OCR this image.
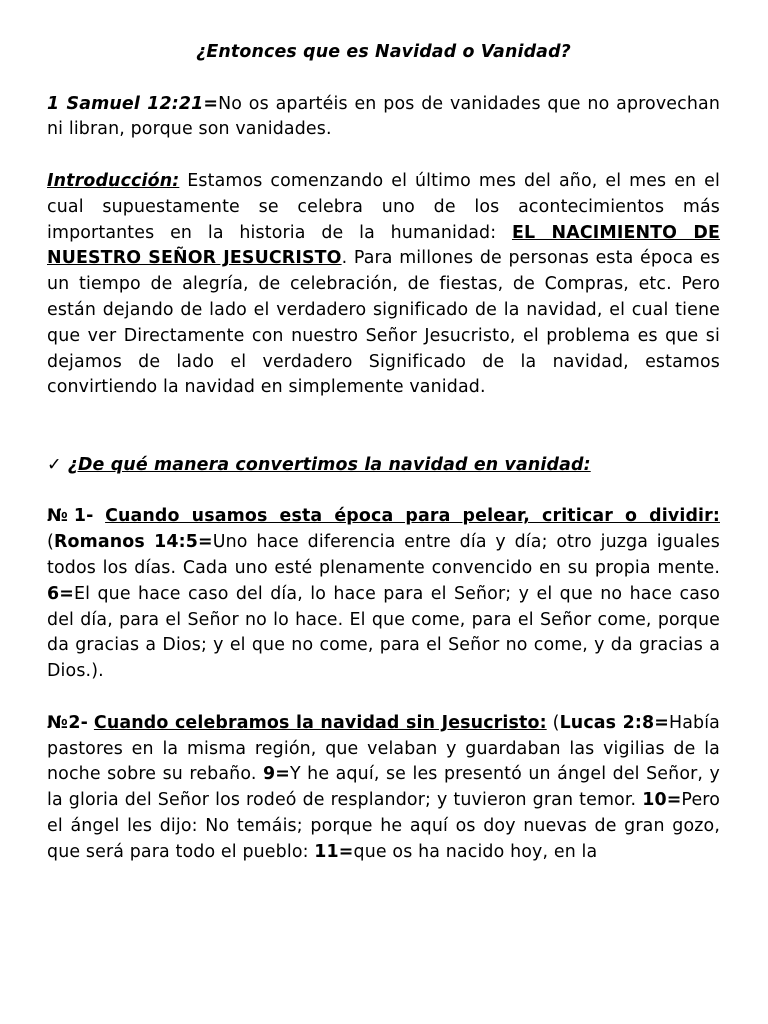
¿Entonces que es Navidad o Vanidad?

1 Samuel 12:21=No os apartéis en pos de vanidades que no aprovechan ni libran, porque son vanidades.

Introducción: Estamos comenzando el último mes del año, el mes en el cual supuestamente se celebra uno de los acontecimientos más importantes en la historia de la humanidad: EL NACIMIENTO DE NUESTRO SEÑOR JESUCRISTO. Para millones de personas esta época es un tiempo de alegría, de celebración, de fiestas, de Compras, etc. Pero están dejando de lado el verdadero significado de la navidad, el cual tiene que ver Directamente con nuestro Señor Jesucristo, el problema es que si dejamos de lado el verdadero Significado de la navidad, estamos convirtiendo la navidad en simplemente vanidad.

✓ ¿De qué manera convertimos la navidad en vanidad:

№1- Cuando usamos esta época para pelear, criticar o dividir: (Romanos 14:5=Uno hace diferencia entre día y día; otro juzga iguales todos los días. Cada uno esté plenamente convencido en su propia mente. 6=El que hace caso del día, lo hace para el Señor; y el que no hace caso del día, para el Señor no lo hace. El que come, para el Señor come, porque da gracias a Dios; y el que no come, para el Señor no come, y da gracias a Dios.).

№2- Cuando celebramos la navidad sin Jesucristo: (Lucas 2:8=Había pastores en la misma región, que velaban y guardaban las vigilias de la noche sobre su rebaño. 9=Y he aquí, se les presentó un ángel del Señor, y la gloria del Señor los rodeó de resplandor; y tuvieron gran temor. 10=Pero el ángel les dijo: No temáis; porque he aquí os doy nuevas de gran gozo, que será para todo el pueblo: 11=que os ha nacido hoy, en la
